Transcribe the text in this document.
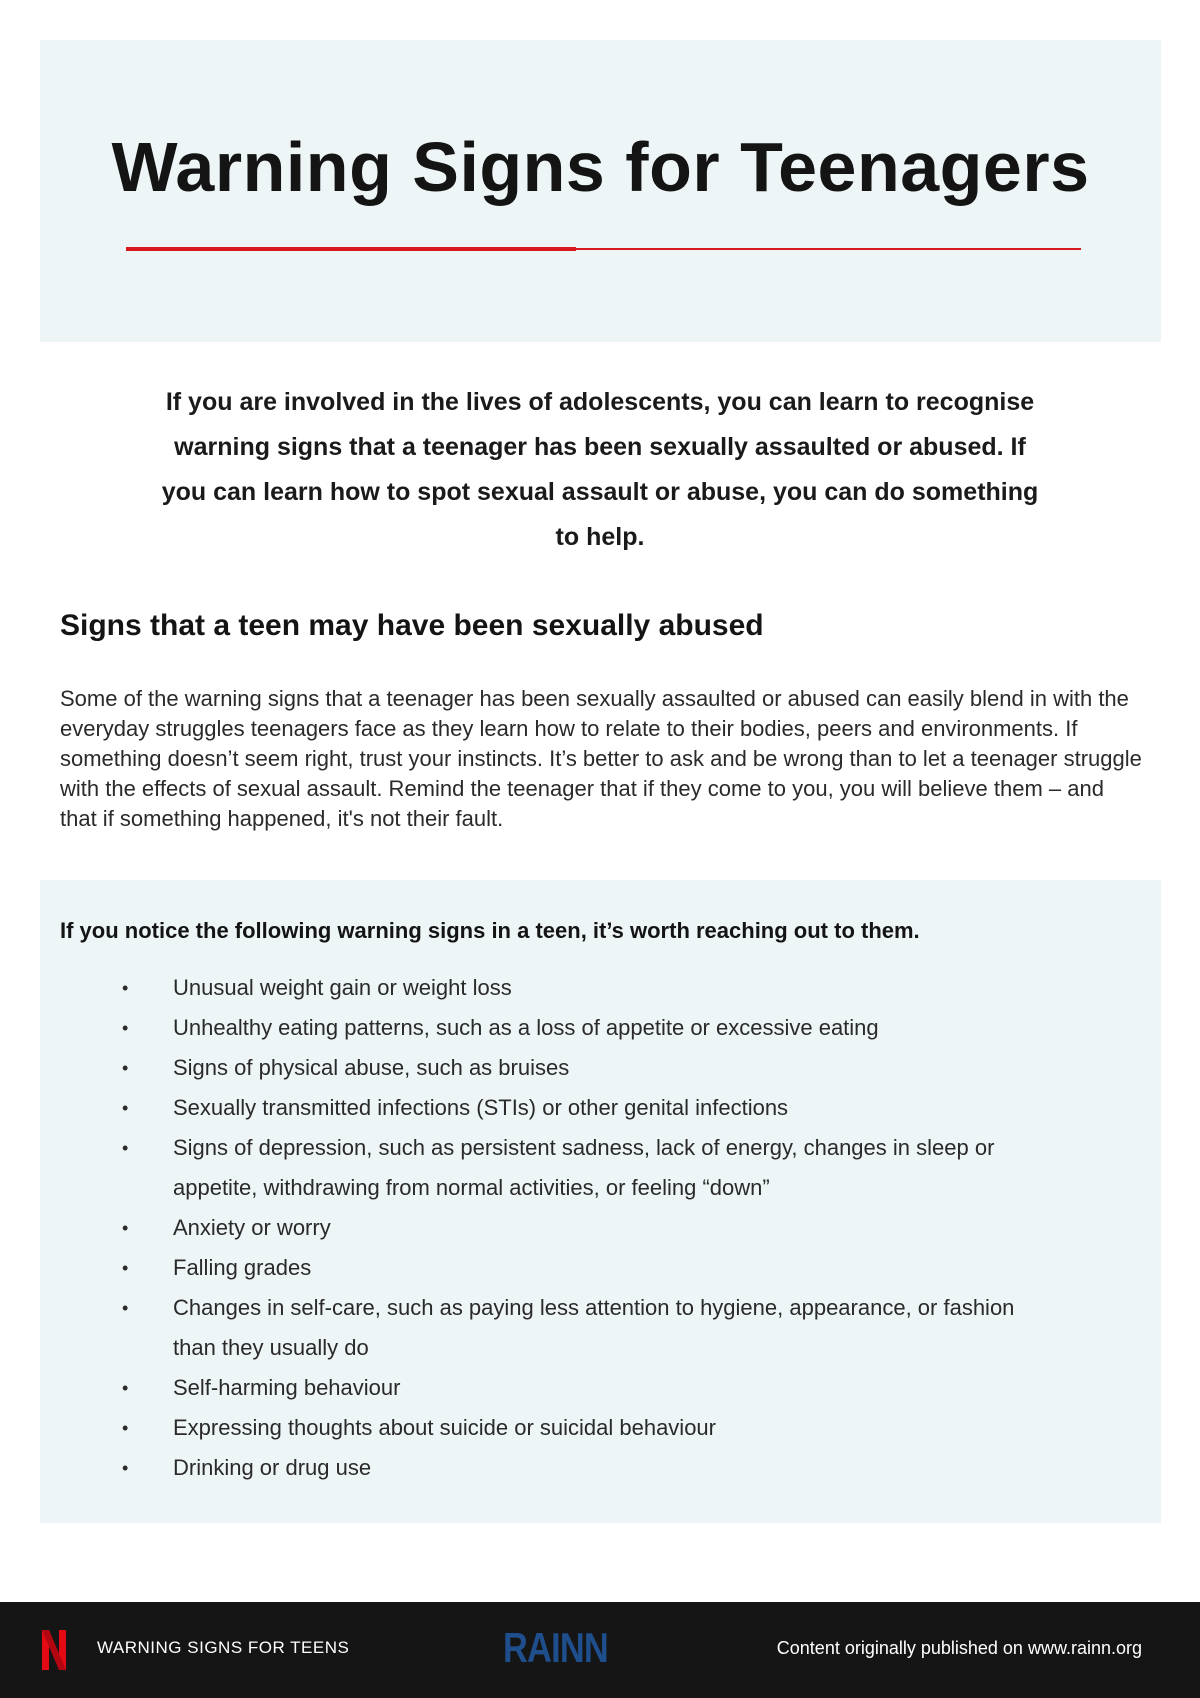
Warning Signs for Teenagers
If you are involved in the lives of adolescents, you can learn to recognise warning signs that a teenager has been sexually assaulted or abused. If you can learn how to spot sexual assault or abuse, you can do something to help.
Signs that a teen may have been sexually abused
Some of the warning signs that a teenager has been sexually assaulted or abused can easily blend in with the everyday struggles teenagers face as they learn how to relate to their bodies, peers and environments. If something doesn’t seem right, trust your instincts. It’s better to ask and be wrong than to let a teenager struggle with the effects of sexual assault. Remind the teenager that if they come to you, you will believe them – and that if something happened, it's not their fault.
If you notice the following warning signs in a teen, it’s worth reaching out to them.
• Unusual weight gain or weight loss
• Unhealthy eating patterns, such as a loss of appetite or excessive eating
• Signs of physical abuse, such as bruises
• Sexually transmitted infections (STIs) or other genital infections
• Signs of depression, such as persistent sadness, lack of energy, changes in sleep or appetite, withdrawing from normal activities, or feeling “down”
• Anxiety or worry
• Falling grades
• Changes in self-care, such as paying less attention to hygiene, appearance, or fashion than they usually do
• Self-harming behaviour
• Expressing thoughts about suicide or suicidal behaviour
• Drinking or drug use
WARNING SIGNS FOR TEENS	RAINN	Content originally published on www.rainn.org
